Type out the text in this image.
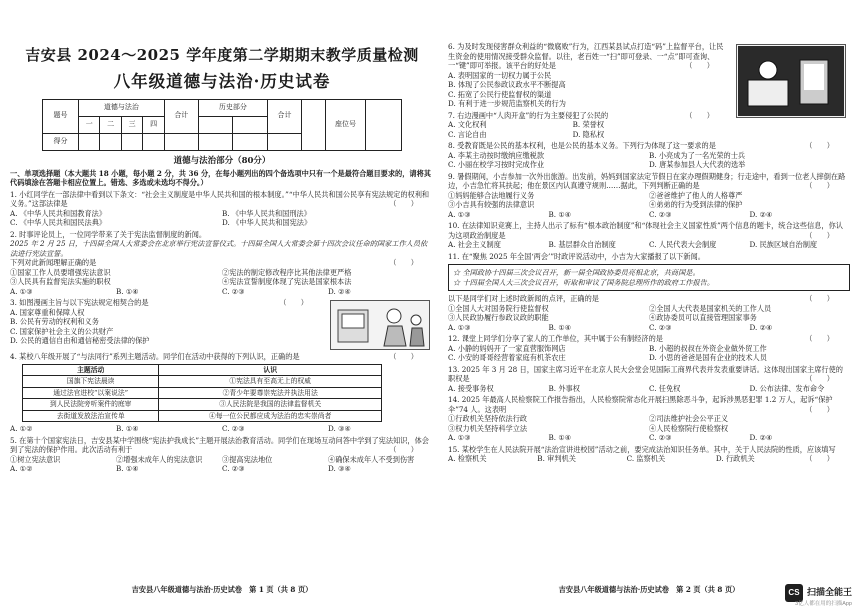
吉安县 2024～2025 学年度第二学期期末教学质量检测
八年级道德与法治·历史试卷
题号	道德与法治				合计	历史部分		合计		座位号	
	一	二	三	四							
得分											
道德与法治部分（80分）
一、单项选择题（本大题共 18 小题，每小题 2 分，共 36 分，在每小题列出的四个备选项中只有一个是最符合题目要求的，请将其代码填涂在答题卡相应位置上。错选、多选或未选均不得分。）
1. 小红同学在一部法律中看到以下条文：“社会主义制度是中华人民共和国的根本制度。”“中华人民共和国公民享有宪法规定的权利和义务。”这部法律是	（　　）
A. 《中华人民共和国教育法》	B. 《中华人民共和国刑法》
C. 《中华人民共和国民法典》	D. 《中华人民共和国宪法》
2. 时事评论员上，一位同学带来了关于宪法监督制度的新闻。
2025 年 2 月 25 日，十四届全国人大常委会在北京举行宪法宣誓仪式。十四届全国人大常委会第十四次会议任命的国家工作人员依法进行宪法宣誓。
下列对此新闻理解正确的是	（　　）
①国家工作人员要增强宪法意识	②宪法的制定修改程序比其他法律更严格
③人民具有监督宪法实施的职权	④宪法宣誓制度体现了宪法是国家根本法
A. ①③	B. ①④	C. ②③	D. ②④
3. 如图漫画主旨与以下宪法规定相契合的是	（　　）
A. 国家尊重和保障人权
B. 公民有劳动的权利和义务
C. 国家保护社会主义的公共财产
D. 公民的通信自由和通信秘密受法律的保护
4. 某校八年级开展了“与法同行”系列主题活动。同学们在活动中获得的下列认识，正确的是	（　　）
主题活动	认识
国旗下宪法晨读	①宪法具有至高无上的权威
通过法官进校“以案说法”	②青少年要尊崇宪法并执法用法
到人民法院旁听案件的庭审	③人民法院是我国的法律监督机关
去街道发放法治宣传单	④每一位公民都应成为法治的忠实崇尚者
A. ①②	B. ①④	C. ②③	D. ③④
5. 在第十个国家宪法日，吉安县某中学围绕“宪法护我成长”主题开展法治教育活动。同学们在现场互动问答中学到了宪法知识，体会到了宪法的保护作用。此次活动有利于	（　　）
①树立宪法意识	②增强未成年人的宪法意识	③提高宪法地位	④确保未成年人不受到伤害
A. ①②	B. ①④	C. ②③	D. ③④
吉安县八年级道德与法治·历史试卷　第 1 页（共 8 页）
6. 为及时发现侵害群众利益的“微腐败”行为，江西某县试点打造“码”上监督平台，让民生资金的使用情况接受群众监督。以往，老百姓一“扫”即可登录、一“点”即可查询、一“键”即可举报。该平台的好处是	（　　）
A. 表明国家的一切权力属于公民
B. 体现了公民参政议政水平不断提高
C. 拓宽了公民行使监督权的渠道
D. 有利于进一步规范监察机关的行为
7. 右边漫画中“人肉开盒”的行为主要侵犯了公民的	（　　）
A. 文化权利	B. 荣誉权
C. 言论自由	D. 隐私权
8. 受教育既是公民的基本权利，也是公民的基本义务。下列行为体现了这一要求的是	（　　）
A. 李某主动按时缴纳应缴税款	B. 小亮成为了一名光荣的士兵
C. 小丽在校学习按时完成作业	D. 唐某参加县人大代表的选举
9. 暑假期间，小吉参加一次外出旅游。出发前，妈妈到国家法定节假日在家办理假期健身；行走途中，看到一位老人摔倒在路边，小吉急忙将其扶起；他在景区内认真遵守规则……据此，下列判断正确的是	（　　）
①妈妈能够合法地履行义务	②爸爸维护了他人的人格尊严
③小吉具有较强的法律意识	④弟弟的行为受到法律的保护
A. ①③	B. ①④	C. ②③	D. ②④
10. 在法律知识竞赛上，主持人出示了标有“根本政治制度”和“体现社会主义国家性质”两个信息的题卡，统合这些信息，你认为这项政治制度是	（　　）
A. 社会主义制度	B. 基层群众自治制度	C. 人民代表大会制度	D. 民族区域自治制度
11. 在“聚焦 2025 年全国‘两会’”时政评说活动中，小吉为大家播报了以下新闻。
☆ 全国政协十四届三次会议召开，新一届全国政协委员亮相北京，共商国是。
☆ 十四届全国人大三次会议召开，听取和审议了国务院总理所作的政府工作报告。
以下是同学们对上述时政新闻的点评，正确的是	（　　）
①全国人大对国务院行使监督权	②全国人大代表是国家机关的工作人员
③人民政协履行参政议政的职能	④政协委员可以直接管理国家事务
A. ①③	B. ①④	C. ②③	D. ②④
12. 课堂上同学们分享了家人的工作单位，其中属于公有制经济的是	（　　）
A. 小静的妈妈开了一家直营服饰网店	B. 小超的叔叔在外资企业做外贸工作
C. 小安的哥哥经营着家庭有机茶农庄	D. 小思的爸爸是国有企业的技术人员
13. 2025 年 3 月 28 日，国家主席习近平在北京人民大会堂会见国际工商界代表并发表重要讲话。这体现出国家主席行使的职权是	（　　）
A. 接受事务权	B. 外事权	C. 任免权	D. 公布法律、发布命令
14. 2025 年最高人民检察院工作报告指出，人民检察院常态化开展扫黑除恶斗争，起诉涉黑恶犯罪 1.2 万人，起诉“保护伞”74 人。这表明	（　　）
①行政机关坚持依法行政	②司法维护社会公平正义
③权力机关坚持科学立法	④人民检察院行使检察权
A. ①③	B. ①④	C. ②③	D. ②④
15. 某校学生在人民法院开展“法治宣讲进校园”活动之前，要完成法治知识任务单。其中，关于人民法院的性质，应该填写
（　　）
A. 检察机关	B. 审判机关	C. 监察机关	D. 行政机关
吉安县八年级道德与法治·历史试卷　第 2 页（共 8 页）	CS 扫描全能王
3亿人都在用的扫描App
